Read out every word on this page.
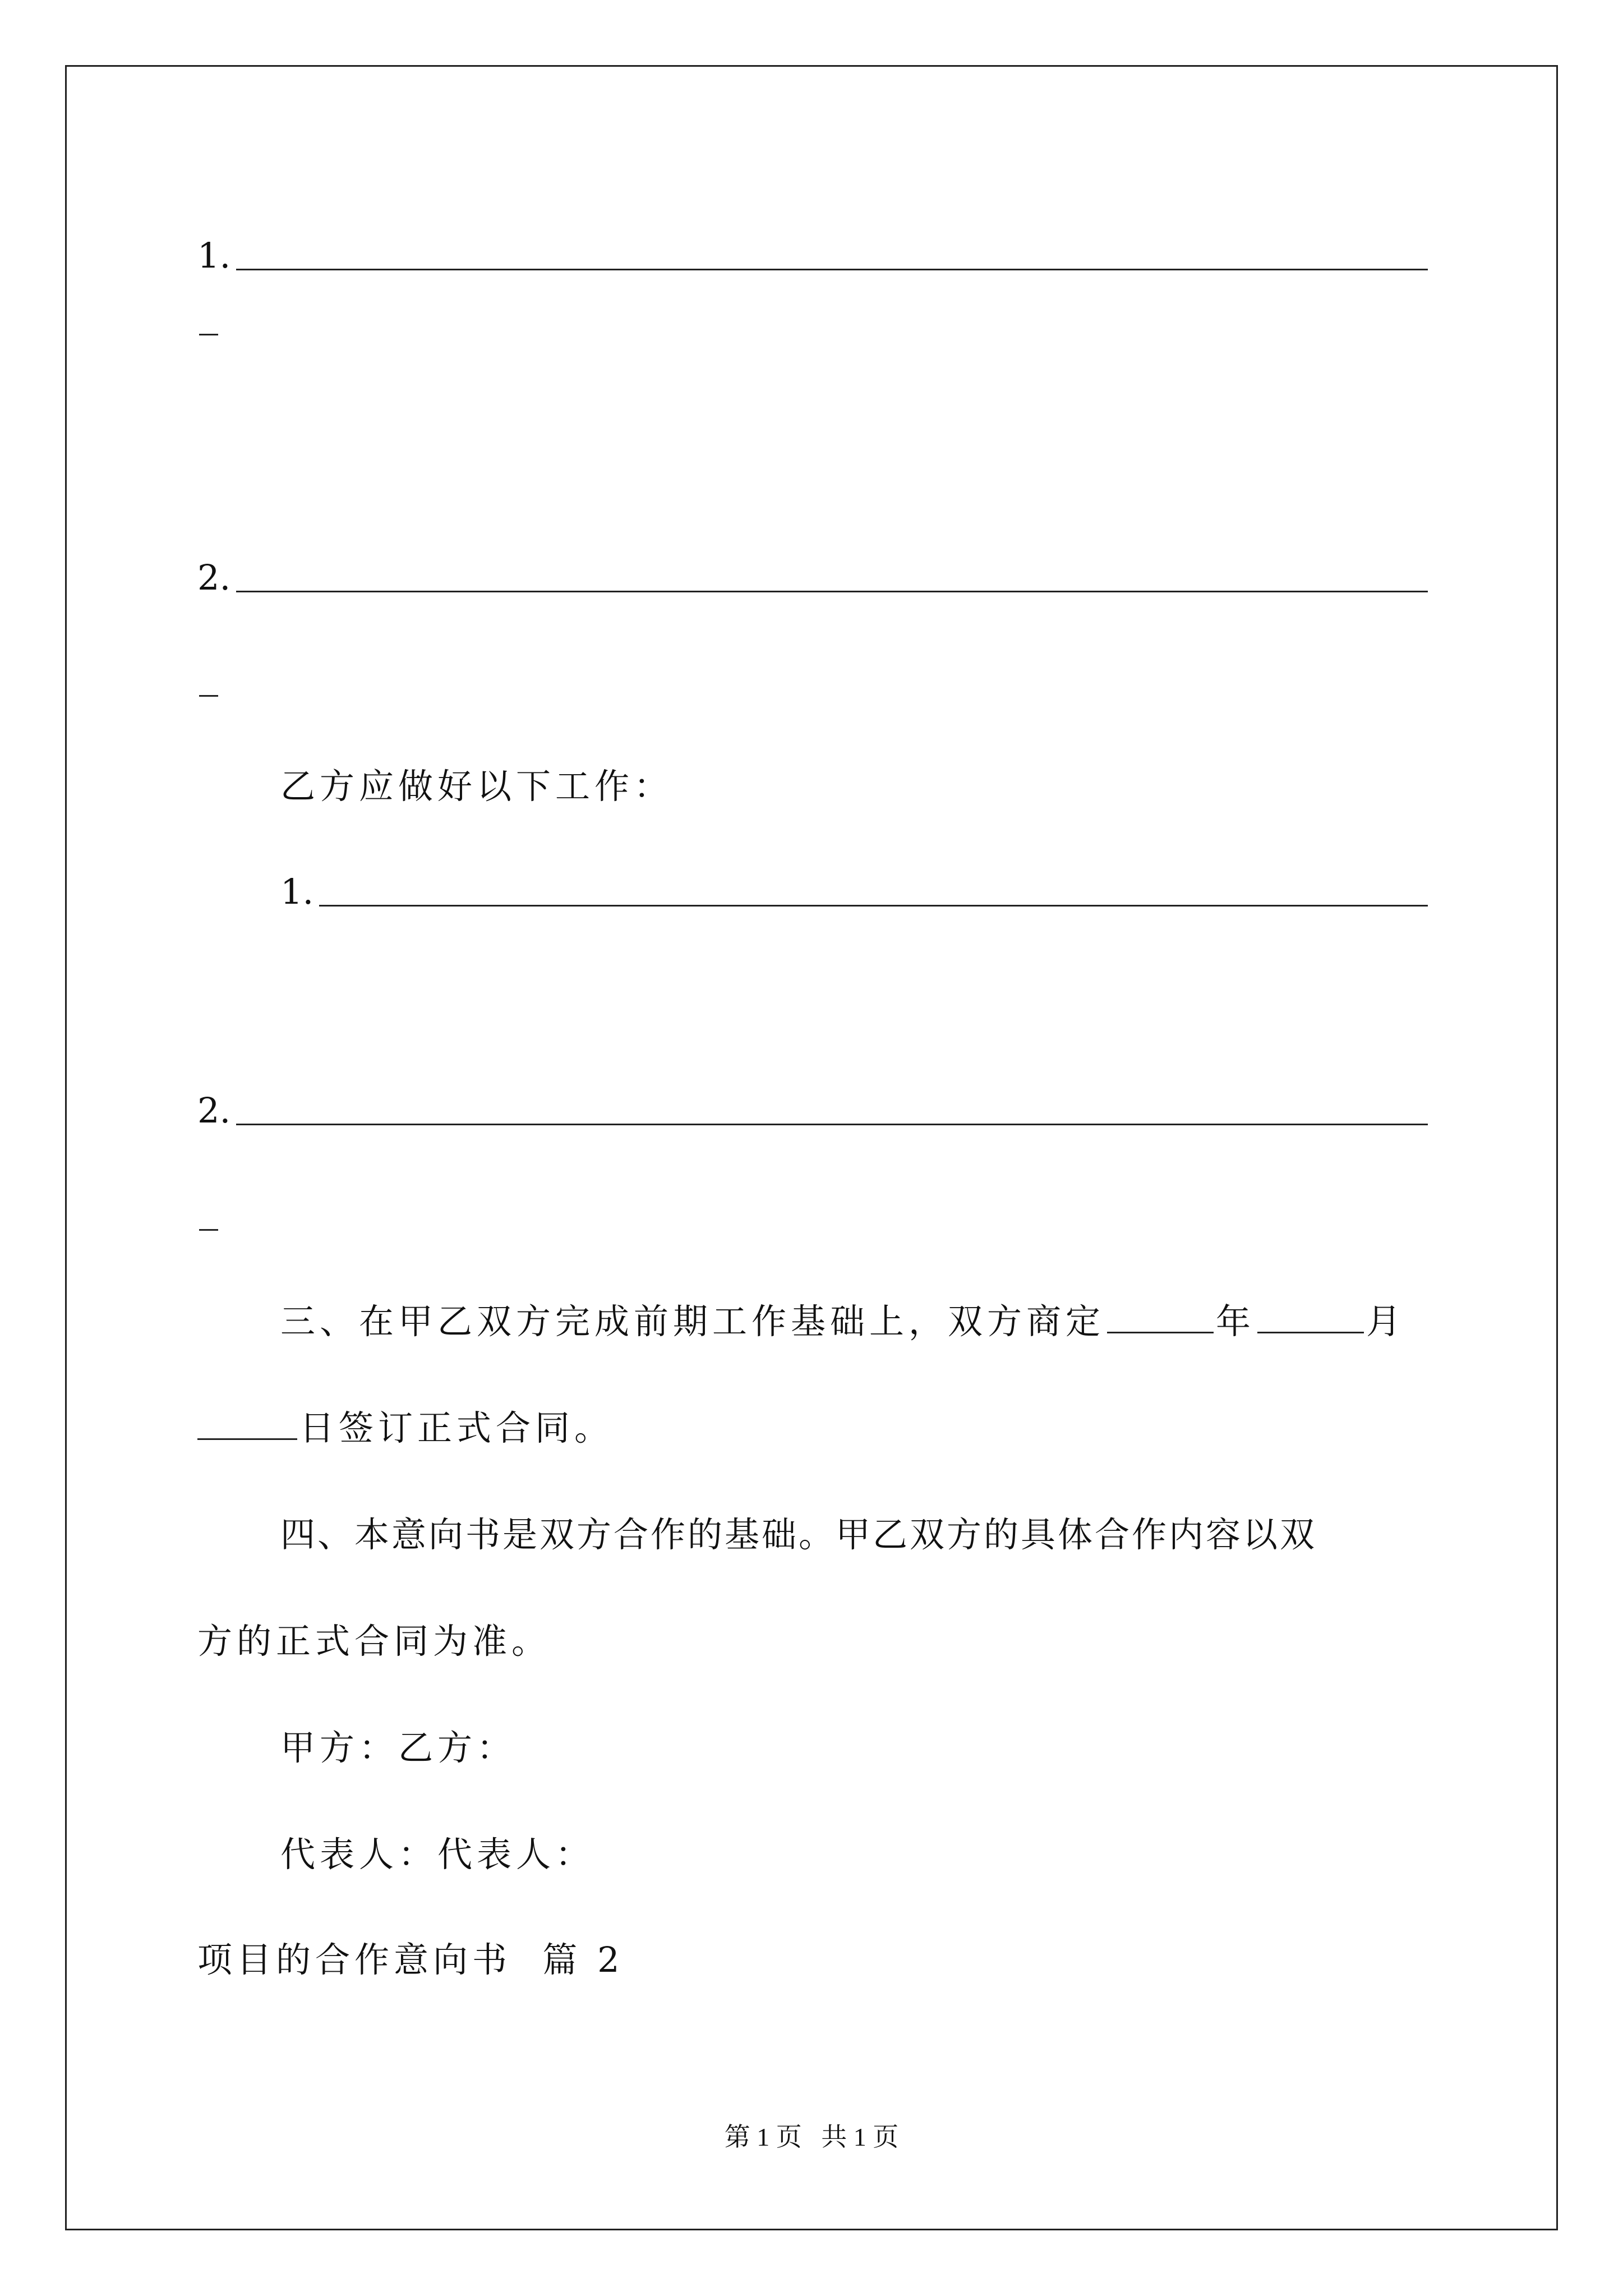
1.
2.
乙方应做好以下工作：
1.
2.
三、在甲乙双方完成前期工作基础上，双方商定	年	月
日签订正式合同。
四、本意向书是双方合作的基础。甲乙双方的具体合作内容以双
方的正式合同为准。
甲方：乙方：
代表人：代表人：
项目的合作意向书  篇 2
第 1 页   共 1 页
